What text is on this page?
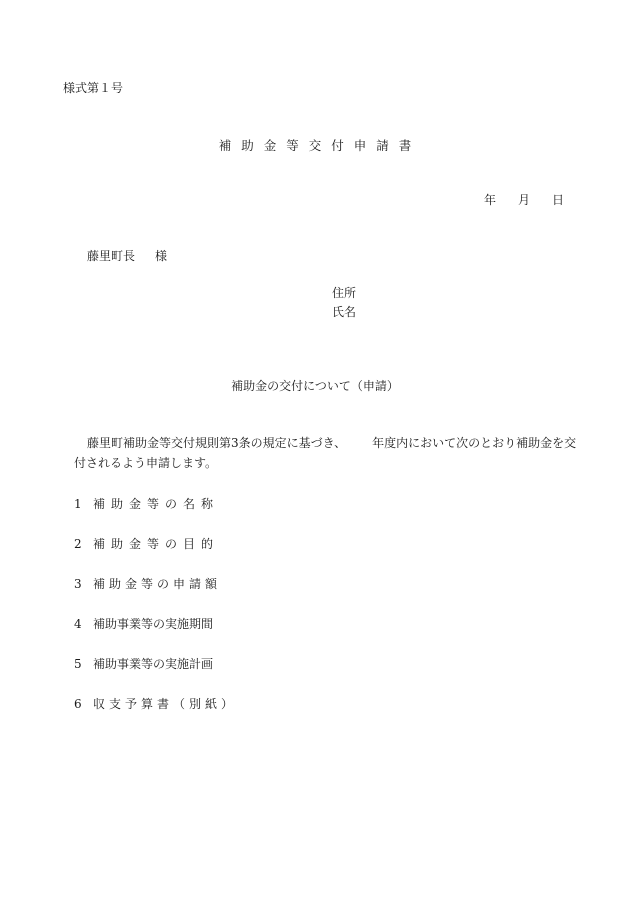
様式第１号
補助金等交付申請書
年 月 日
藤里町長 様
住所
氏名
補助金の交付について（申請）
藤里町補助金等交付規則第3条の規定に基づき、 年度内において次のとおり補助金を交
付されるよう申請します。
1 補助金等の名称
2 補助金等の目的
3 補助金等の申請額
4 補助事業等の実施期間
5 補助事業等の実施計画
6 収支予算書（別紙）
